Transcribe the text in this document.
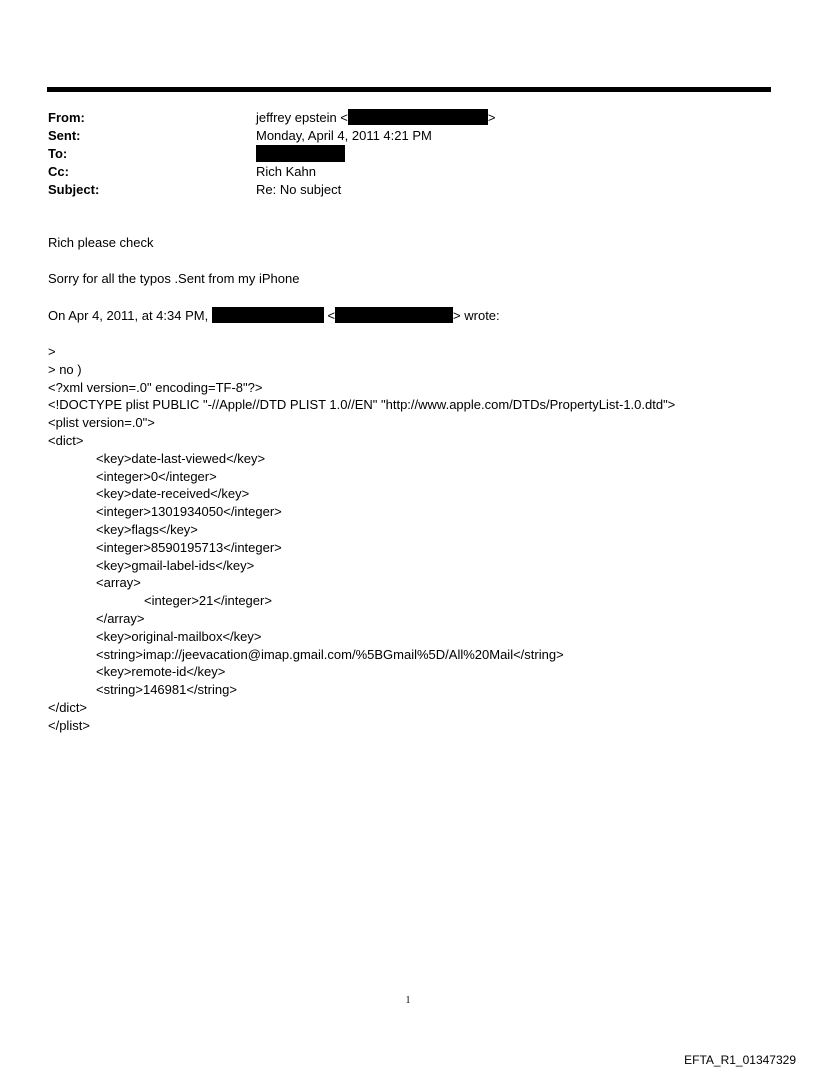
From:	jeffrey epstein <	>
Sent:	Monday, April 4, 2011 4:21 PM
To:
Cc:	Rich Kahn
Subject:	Re: No subject
Rich please check
Sorry for all the typos .Sent from my iPhone
On Apr 4, 2011, at 4:34 PM,	<	> wrote:
>
> no )
<?xml version=.0" encoding=TF-8"?>
<!DOCTYPE plist PUBLIC "-//Apple//DTD PLIST 1.0//EN" "http://www.apple.com/DTDs/PropertyList-1.0.dtd">
<plist version=.0">
<dict>
<key>date-last-viewed</key>
<integer>0</integer>
<key>date-received</key>
<integer>1301934050</integer>
<key>flags</key>
<integer>8590195713</integer>
<key>gmail-label-ids</key>
<array>
<integer>21</integer>
</array>
<key>original-mailbox</key>
<string>imap://jeevacation@imap.gmail.com/%5BGmail%5D/All%20Mail</string>
<key>remote-id</key>
<string>146981</string>
</dict>
</plist>
1
EFTA_R1_01347329
